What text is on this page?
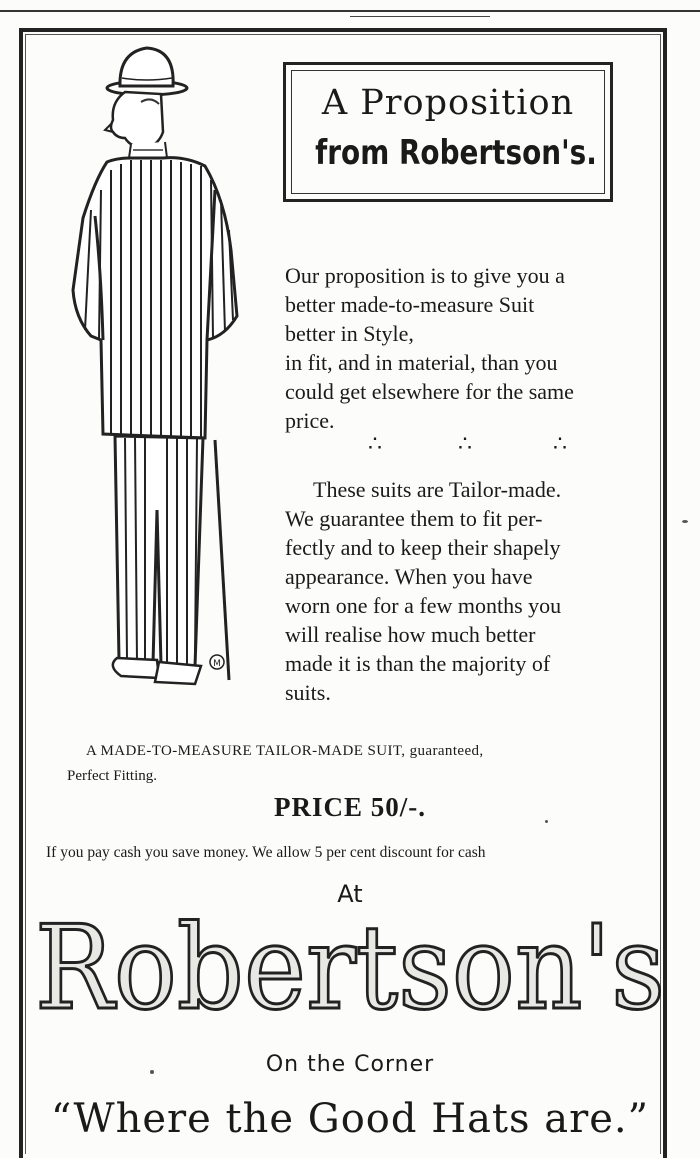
M
A Proposition
from Robertson's.
Our proposition is to give you a
better made-to-measure Suit
better in Style,
in fit, and in material, than you
could get elsewhere for the same
price.
∴	∴	∴
These suits are Tailor-made.
We guarantee them to fit per-
fectly and to keep their shapely
appearance. When you have
worn one for a few months you
will realise how much better
made it is than the majority of
suits.
A MADE-TO-MEASURE TAILOR-MADE SUIT, guaranteed,
Perfect Fitting.
PRICE 50/-.
If you pay cash you save money. We allow 5 per cent discount for cash
At
Robertson's
On the Corner
“Where the Good Hats are.”
